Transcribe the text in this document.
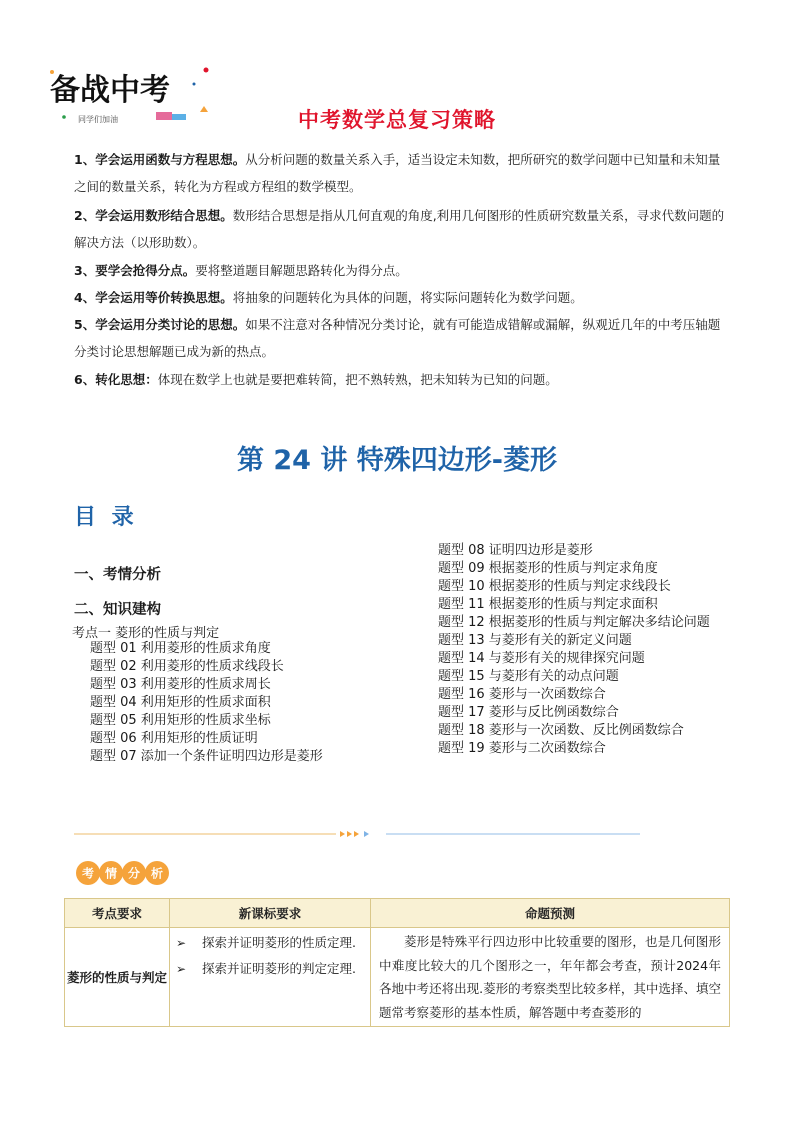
备战中考
同学们加油	中考数学总复习策略
1、学会运用函数与方程思想。从分析问题的数量关系入手，适当设定未知数，把所研究的数学问题中已知量和未知量之间的数量关系，转化为方程或方程组的数学模型。
2、学会运用数形结合思想。数形结合思想是指从几何直观的角度,利用几何图形的性质研究数量关系，寻求代数问题的解决方法（以形助数）。
3、要学会抢得分点。要将整道题目解题思路转化为得分点。
4、学会运用等价转换思想。将抽象的问题转化为具体的问题，将实际问题转化为数学问题。
5、学会运用分类讨论的思想。如果不注意对各种情况分类讨论，就有可能造成错解或漏解，纵观近几年的中考压轴题分类讨论思想解题已成为新的热点。
6、转化思想：体现在数学上也就是要把难转简，把不熟转熟，把未知转为已知的问题。
第 24 讲 特殊四边形-菱形
目 录
一、考情分析
二、知识建构
考点一 菱形的性质与判定
题型 01 利用菱形的性质求角度
题型 02 利用菱形的性质求线段长
题型 03 利用菱形的性质求周长
题型 04 利用矩形的性质求面积
题型 05 利用矩形的性质求坐标
题型 06 利用矩形的性质证明
题型 07 添加一个条件证明四边形是菱形
题型 08 证明四边形是菱形
题型 09 根据菱形的性质与判定求角度
题型 10 根据菱形的性质与判定求线段长
题型 11 根据菱形的性质与判定求面积
题型 12 根据菱形的性质与判定解决多结论问题
题型 13 与菱形有关的新定义问题
题型 14 与菱形有关的规律探究问题
题型 15 与菱形有关的动点问题
题型 16 菱形与一次函数综合
题型 17 菱形与反比例函数综合
题型 18 菱形与一次函数、反比例函数综合
题型 19 菱形与二次函数综合
考 情 分 析
考点要求	新课标要求	命题预测
菱形的性质与判定	➢ 探索并证明菱形的性质定理.
➢ 探索并证明菱形的判定定理.	菱形是特殊平行四边形中比较重要的图形，也是几何图形中难度比较大的几个图形之一，年年都会考查，预计2024年各地中考还将出现.菱形的考察类型比较多样，其中选择、填空题常考察菱形的基本性质，解答题中考查菱形的
